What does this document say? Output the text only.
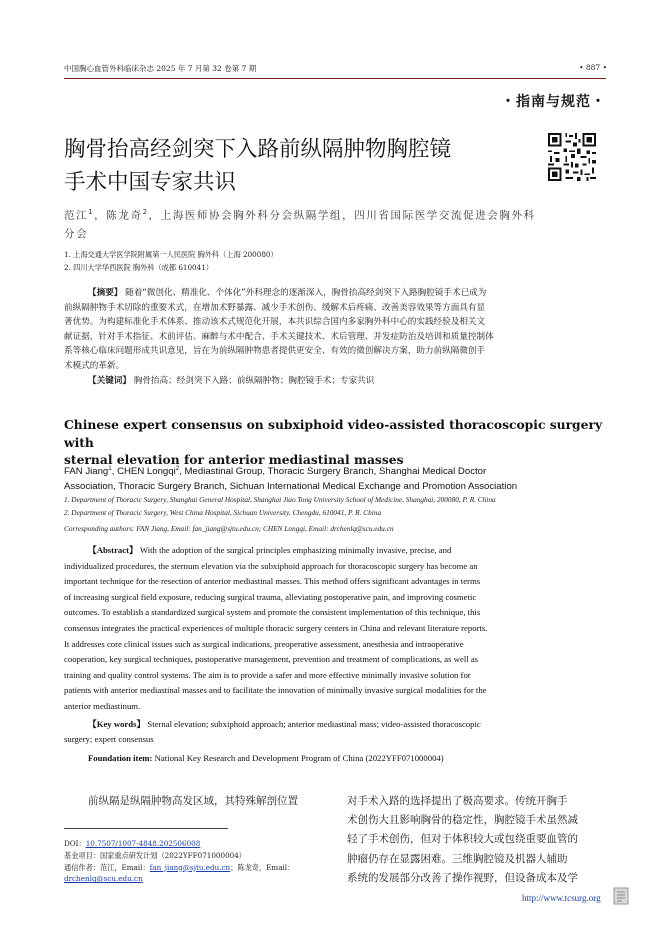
中国胸心血管外科临床杂志 2025 年 7 月第 32 卷第 7 期	• 887 •
・指南与规范・
胸骨抬高经剑突下入路前纵隔肿物胸腔镜
手术中国专家共识
范江$^1$，陈龙奇$^2$，上海医师协会胸外科分会纵隔学组，四川省国际医学交流促进会胸外科
分会
1. 上海交通大学医学院附属第一人民医院 胸外科（上海 200080）
2. 四川大学华西医院 胸外科（成都 610041）
【摘要】 随着“微创化、精准化、个体化”外科理念的逐渐深入，胸骨抬高经剑突下入路胸腔镜手术已成为
前纵隔肿物手术切除的重要术式，在增加术野暴露、减少手术创伤、缓解术后疼痛、改善美容效果等方面具有显
著优势。为构建标准化手术体系、推动该术式规范化开展，本共识综合国内多家胸外科中心的实践经验及相关文
献证据，针对手术指征、术前评估、麻醉与术中配合、手术关键技术、术后管理、并发症防治及培训和质量控制体
系等核心临床问题形成共识意见，旨在为前纵隔肿物患者提供更安全、有效的微创解决方案，助力前纵隔微创手
术模式的革新。
【关键词】 胸骨抬高；经剑突下入路；前纵隔肿物；胸腔镜手术；专家共识
Chinese expert consensus on subxiphoid video-assisted thoracoscopic surgery with
sternal elevation for anterior mediastinal masses
FAN Jiang$^1$, CHEN Longqi$^2$, Mediastinal Group, Thoracic Surgery Branch, Shanghai Medical Doctor
Association, Thoracic Surgery Branch, Sichuan International Medical Exchange and Promotion Association
1. Department of Thoracic Surgery, Shanghai General Hospital, Shanghai Jiao Tong University School of Medicine, Shanghai, 200080, P. R. China
2. Department of Thoracic Surgery, West China Hospital, Sichuan University, Chengdu, 610041, P. R. China
Corresponding authors: FAN Jiang, Email: fan_jiang@sjtu.edu.cn; CHEN Longqi, Email: drchenlq@scu.edu.cn
【Abstract】 With the adoption of the surgical principles emphasizing minimally invasive, precise, and
individualized procedures, the sternum elevation via the subxiphoid approach for thoracoscopic surgery has become an
important technique for the resection of anterior mediastinal masses. This method offers significant advantages in terms
of increasing surgical field exposure, reducing surgical trauma, alleviating postoperative pain, and improving cosmetic
outcomes. To establish a standardized surgical system and promote the consistent implementation of this technique, this
consensus integrates the practical experiences of multiple thoracic surgery centers in China and relevant literature reports.
It addresses core clinical issues such as surgical indications, preoperative assessment, anesthesia and intraoperative
cooperation, key surgical techniques, postoperative management, prevention and treatment of complications, as well as
training and quality control systems. The aim is to provide a safer and more effective minimally invasive solution for
patients with anterior mediastinal masses and to facilitate the innovation of minimally invasive surgical modalities for the
anterior mediastinum.
【Key words】 Sternal elevation; subxiphoid approach; anterior mediastinal mass; video-assisted thoracoscopic
surgery; expert consensus
Foundation item: National Key Research and Development Program of China (2022YFF071000004)
前纵隔是纵隔肿物高发区域，其特殊解剖位置
DOI：10.7507/1007-4848.202506008
基金项目：国家重点研发计划（2022YFF071000004）
通信作者：范江，Email：fan_jiang@sjtu.edu.cn；陈龙奇，Email：
drchenlq@scu.edu.cn
对手术入路的选择提出了极高要求。传统开胸手
术创伤大且影响胸骨的稳定性，胸腔镜手术虽然减
轻了手术创伤，但对于体积较大或包绕重要血管的
肿瘤仍存在显露困难。三维胸腔镜及机器人辅助
系统的发展部分改善了操作视野，但设备成本及学
http://www.tcsurg.org
